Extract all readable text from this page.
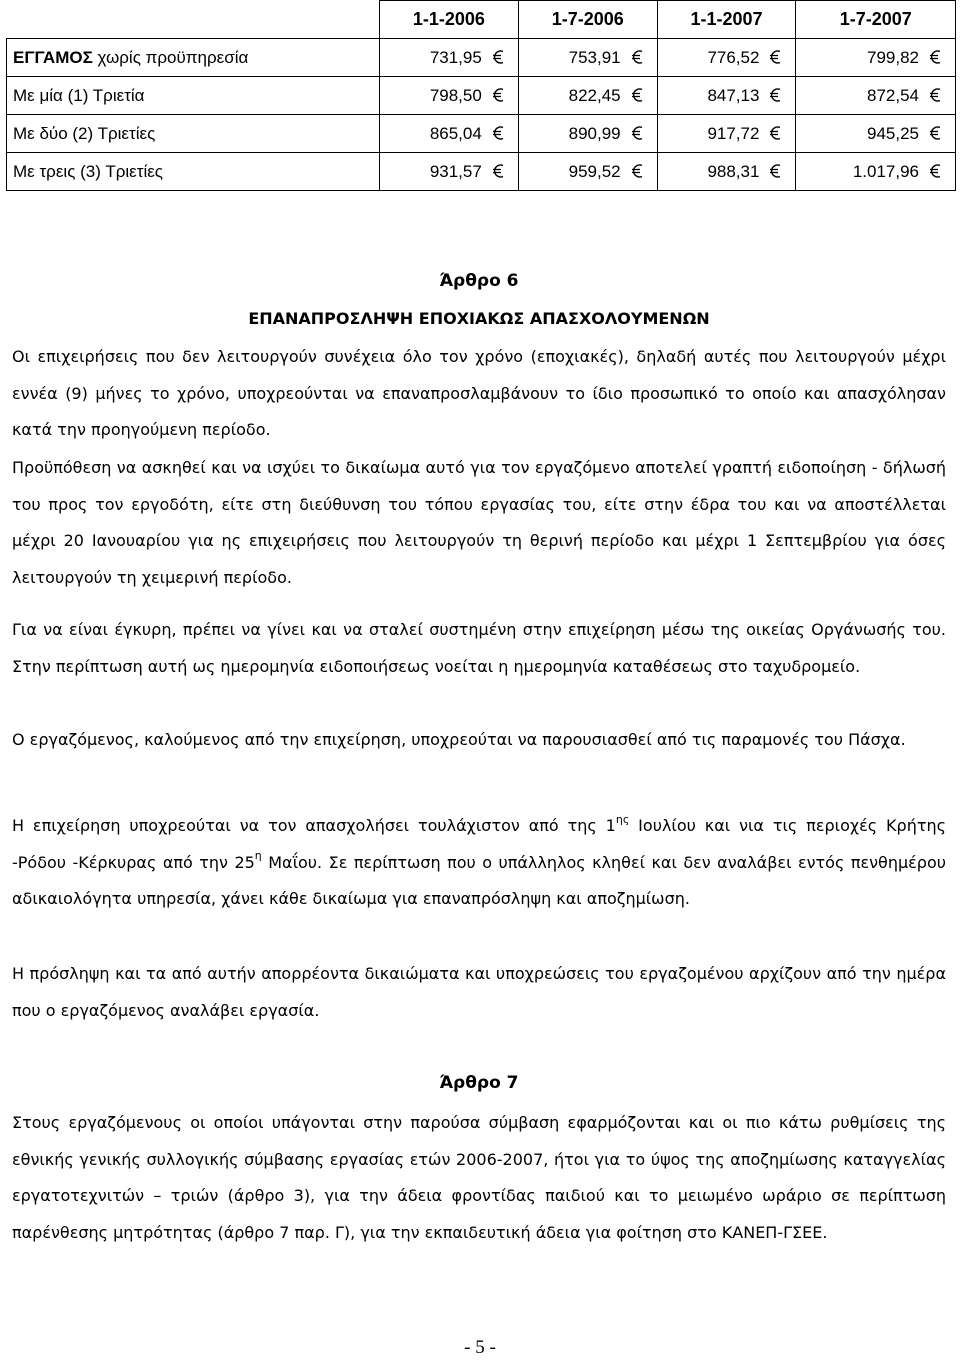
	1-1-2006	1-7-2006	1-1-2007	1-7-2007
ΕΓΓΑΜΟΣ χωρίς προϋπηρεσία	731,95	753,91	776,52	799,82

Με μία (1) Τριετία	798,50	822,45	847,13	872,54

Με δύο (2) Τριετίες	865,04	890,99	917,72	945,25

Με τρεις (3) Τριετίες	931,57	959,52	988,31	1.017,96
Άρθρο 6
ΕΠΑΝΑΠΡΟΣΛΗΨΗ ΕΠΟΧΙΑΚΩΣ ΑΠΑΣΧΟΛΟΥΜΕΝΩΝ
Οι επιχειρήσεις που δεν λειτουργούν συνέχεια όλο τον χρόνο (εποχιακές), δηλαδή αυτές που λειτουργούν μέχρι εννέα (9) μήνες το χρόνο, υποχρεούνται να επαναπροσλαμβάνουν το ίδιο προσωπικό το οποίο και απασχόλησαν κατά την προηγούμενη περίοδο.
Προϋπόθεση να ασκηθεί και να ισχύει το δικαίωμα αυτό για τον εργαζόμενο αποτελεί γραπτή ειδοποίηση - δήλωσή του προς τον εργοδότη, είτε στη διεύθυνση του τόπου εργασίας του, είτε στην έδρα του και να αποστέλλεται μέχρι 20 Ιανουαρίου για ης επιχειρήσεις που λειτουργούν τη θερινή περίοδο και μέχρι 1 Σεπτεμβρίου για όσες λειτουργούν τη χειμερινή περίοδο.
Για να είναι έγκυρη, πρέπει να γίνει και να σταλεί συστημένη στην επιχείρηση μέσω της οικείας Οργάνωσής του. Στην περίπτωση αυτή ως ημερομηνία ειδοποιήσεως νοείται η ημερομηνία καταθέσεως στο ταχυδρομείο.
Ο εργαζόμενος, καλούμενος από την επιχείρηση, υποχρεούται να παρουσιασθεί από τις παραμονές του Πάσχα.
Η επιχείρηση υποχρεούται να τον απασχολήσει τουλάχιστον από της $1^{\eta\varsigma}$ Ιουλίου και νια τις περιοχές Κρήτης -Ρόδου -Κέρκυρας από την $25^\eta$ Μαΐου. Σε περίπτωση που ο υπάλληλος κληθεί και δεν αναλάβει εντός πενθημέρου αδικαιολόγητα υπηρεσία, χάνει κάθε δικαίωμα για επαναπρόσληψη και αποζημίωση.
Η πρόσληψη και τα από αυτήν απορρέοντα δικαιώματα και υποχρεώσεις του εργαζομένου αρχίζουν από την ημέρα που ο εργαζόμενος αναλάβει εργασία.
Άρθρο 7
Στους εργαζόμενους οι οποίοι υπάγονται στην παρούσα σύμβαση εφαρμόζονται και οι πιο κάτω ρυθμίσεις της εθνικής γενικής συλλογικής σύμβασης εργασίας ετών 2006-2007, ήτοι για το ύψος της αποζημίωσης καταγγελίας εργατοτεχνιτών – τριών (άρθρο 3), για την άδεια φροντίδας παιδιού και το μειωμένο ωράριο σε περίπτωση παρένθεσης μητρότητας (άρθρο 7 παρ. Γ), για την εκπαιδευτική άδεια για φοίτηση στο ΚΑΝΕΠ-ΓΣΕΕ.
- 5 -
